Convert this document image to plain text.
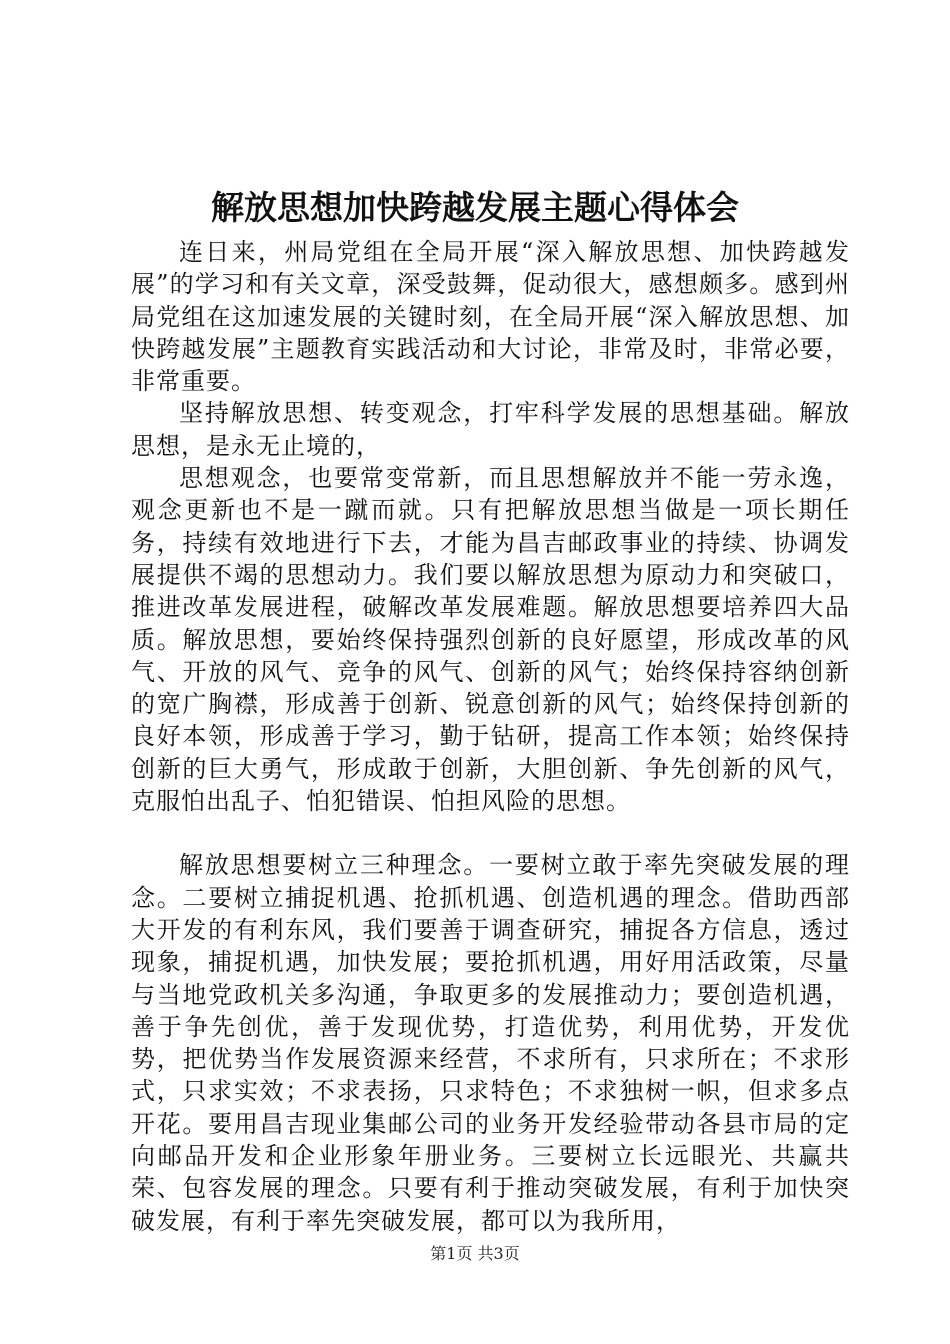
解放思想加快跨越发展主题心得体会

连日来，州局党组在全局开展“深入解放思想、加快跨越发展”的学习和有关文章，深受鼓舞，促动很大，感想颇多。感到州局党组在这加速发展的关键时刻，在全局开展“深入解放思想、加快跨越发展”主题教育实践活动和大讨论，非常及时，非常必要，非常重要。

坚持解放思想、转变观念，打牢科学发展的思想基础。解放思想，是永无止境的，

思想观念，也要常变常新，而且思想解放并不能一劳永逸，观念更新也不是一蹴而就。只有把解放思想当做是一项长期任务，持续有效地进行下去，才能为昌吉邮政事业的持续、协调发展提供不竭的思想动力。我们要以解放思想为原动力和突破口，推进改革发展进程，破解改革发展难题。解放思想要培养四大品质。解放思想，要始终保持强烈创新的良好愿望，形成改革的风气、开放的风气、竞争的风气、创新的风气；始终保持容纳创新的宽广胸襟，形成善于创新、锐意创新的风气；始终保持创新的良好本领，形成善于学习，勤于钻研，提高工作本领；始终保持创新的巨大勇气，形成敢于创新，大胆创新、争先创新的风气，克服怕出乱子、怕犯错误、怕担风险的思想。

解放思想要树立三种理念。一要树立敢于率先突破发展的理念。二要树立捕捉机遇、抢抓机遇、创造机遇的理念。借助西部大开发的有利东风，我们要善于调查研究，捕捉各方信息，透过现象，捕捉机遇，加快发展；要抢抓机遇，用好用活政策，尽量与当地党政机关多沟通，争取更多的发展推动力；要创造机遇，善于争先创优，善于发现优势，打造优势，利用优势，开发优势，把优势当作发展资源来经营，不求所有，只求所在；不求形式，只求实效；不求表扬，只求特色；不求独树一帜，但求多点开花。要用昌吉现业集邮公司的业务开发经验带动各县市局的定向邮品开发和企业形象年册业务。三要树立长远眼光、共赢共荣、包容发展的理念。只要有利于推动突破发展，有利于加快突破发展，有利于率先突破发展，都可以为我所用，

第1页 共3页
